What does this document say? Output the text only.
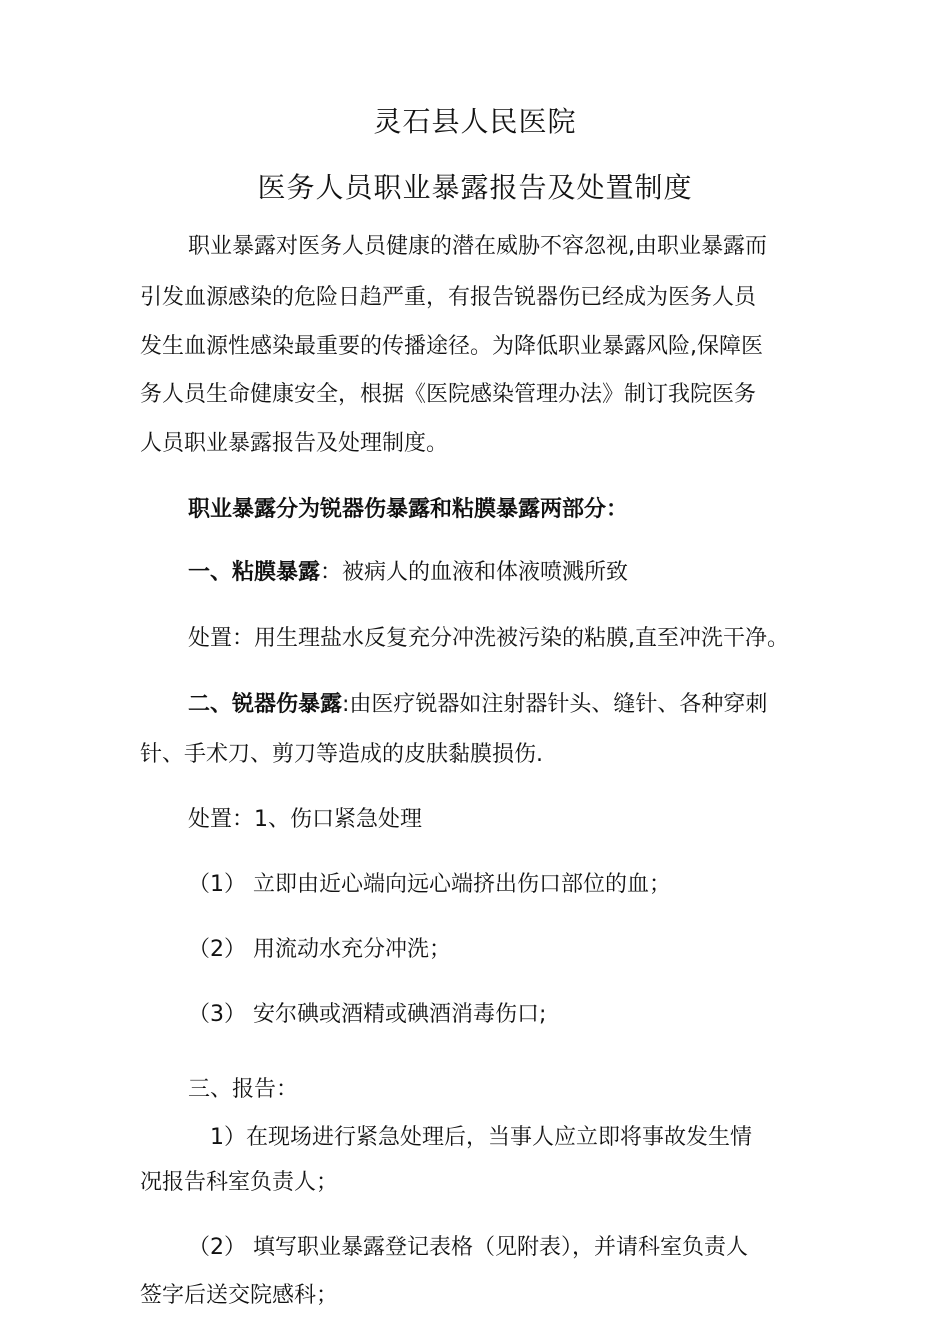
灵石县人民医院
医务人员职业暴露报告及处置制度
职业暴露对医务人员健康的潜在威胁不容忽视,由职业暴露而
引发血源感染的危险日趋严重，有报告锐器伤已经成为医务人员
发生血源性感染最重要的传播途径。为降低职业暴露风险,保障医
务人员生命健康安全，根据《医院感染管理办法》制订我院医务
人员职业暴露报告及处理制度。
职业暴露分为锐器伤暴露和粘膜暴露两部分：
一、粘膜暴露：被病人的血液和体液喷溅所致
处置：用生理盐水反复充分冲洗被污染的粘膜,直至冲洗干净。
二、锐器伤暴露:由医疗锐器如注射器针头、缝针、各种穿刺
针、手术刀、剪刀等造成的皮肤黏膜损伤.
处置：1、伤口紧急处理
（1） 立即由近心端向远心端挤出伤口部位的血；
（2） 用流动水充分冲洗；
（3） 安尔碘或酒精或碘酒消毒伤口;
三、报告：
1）在现场进行紧急处理后，当事人应立即将事故发生情
况报告科室负责人；
（2） 填写职业暴露登记表格（见附表），并请科室负责人
签字后送交院感科；
